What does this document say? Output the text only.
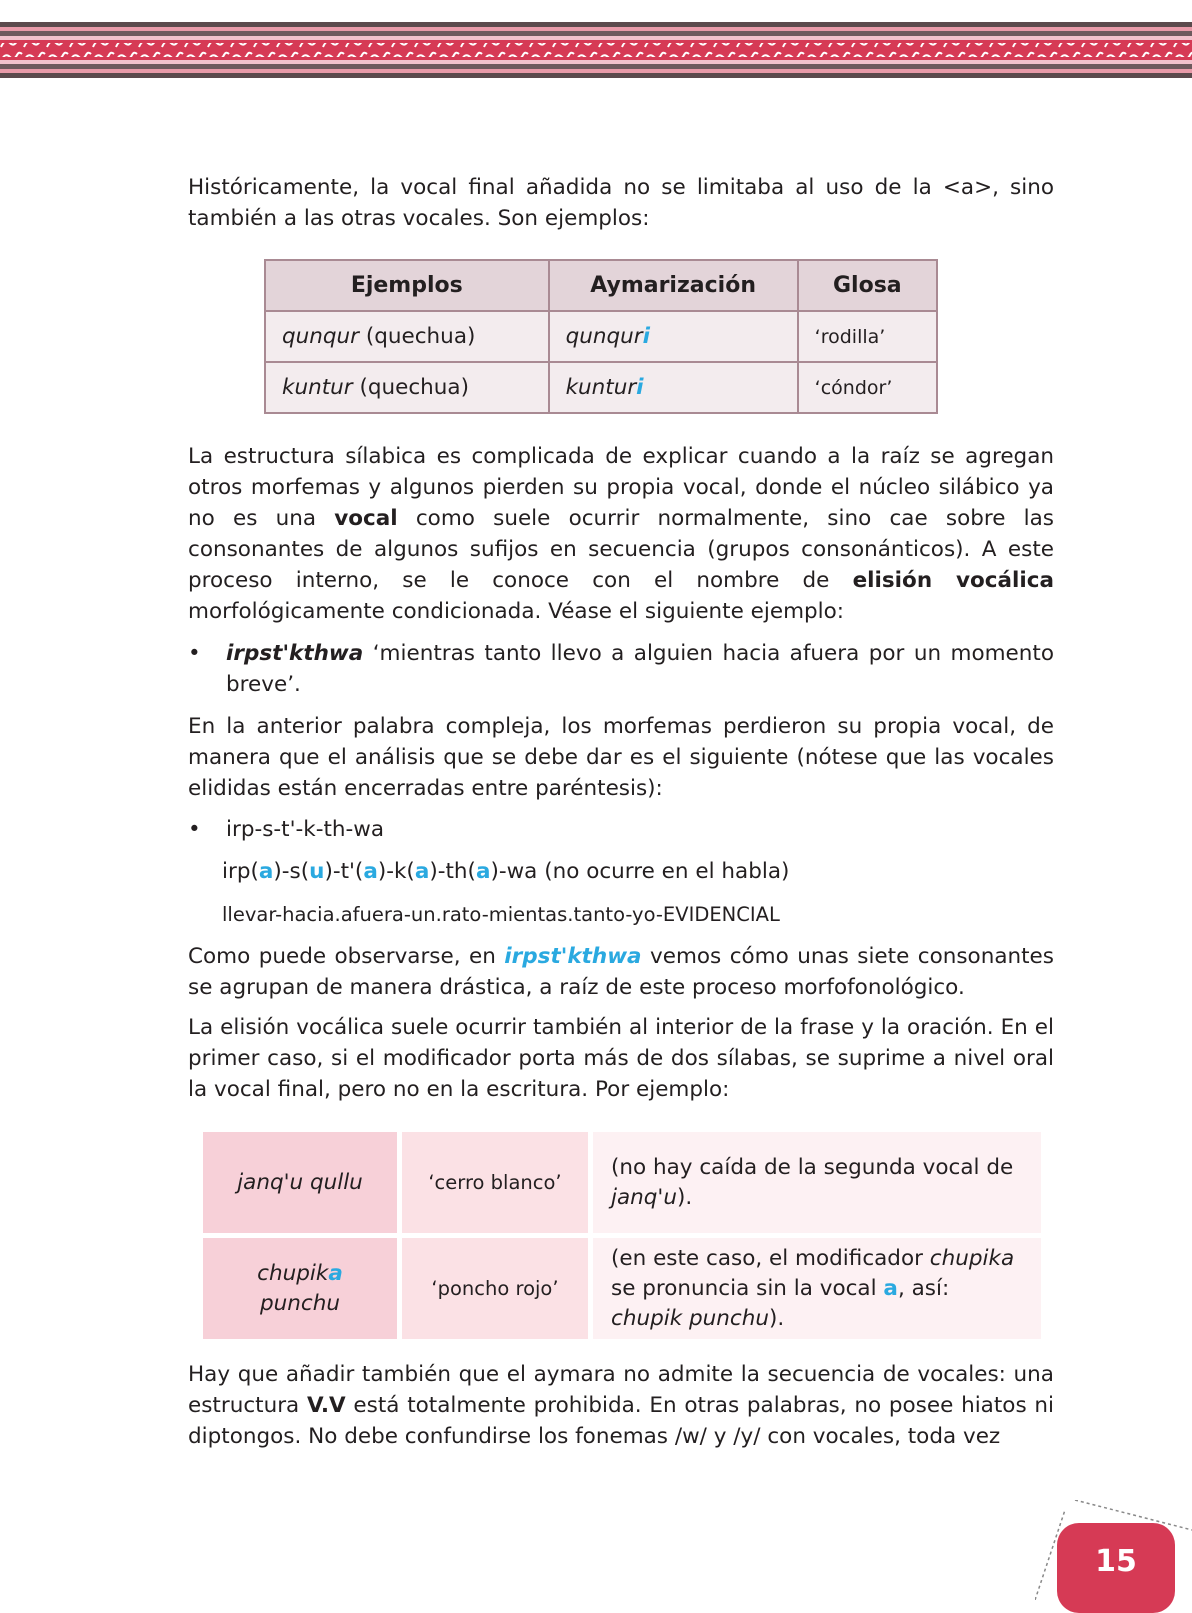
Históricamente, la vocal final añadida no se limitaba al uso de la <a>, sino también a las otras vocales. Son ejemplos:

Ejemplos	Aymarización	Glosa
qunqur (quechua)	qunquri	‘rodilla’
kuntur (quechua)	kunturi	‘cóndor’

La estructura sílabica es complicada de explicar cuando a la raíz se agregan otros morfemas y algunos pierden su propia vocal, donde el núcleo silábico ya no es una vocal como suele ocurrir normalmente, sino cae sobre las consonantes de algunos sufijos en secuencia (grupos consonánticos). A este proceso interno, se le conoce con el nombre de elisión vocálica morfológicamente condicionada. Véase el siguiente ejemplo:

• irpst'kthwa ‘mientras tanto llevo a alguien hacia afuera por un momento breve’.

En la anterior palabra compleja, los morfemas perdieron su propia vocal, de manera que el análisis que se debe dar es el siguiente (nótese que las vocales elididas están encerradas entre paréntesis):

• irp-s-t'-k-th-wa
irp(a)-s(u)-t'(a)-k(a)-th(a)-wa (no ocurre en el habla)
llevar-hacia.afuera-un.rato-mientas.tanto-yo-EVIDENCIAL

Como puede observarse, en irpst'kthwa vemos cómo unas siete consonantes se agrupan de manera drástica, a raíz de este proceso morfofonológico.

La elisión vocálica suele ocurrir también al interior de la frase y la oración. En el primer caso, si el modificador porta más de dos sílabas, se suprime a nivel oral la vocal final, pero no en la escritura. Por ejemplo:

janq'u qullu	‘cerro blanco’	(no hay caída de la segunda vocal de janq'u).
chupika punchu	‘poncho rojo’	(en este caso, el modificador chupika se pronuncia sin la vocal a, así: chupik punchu).

Hay que añadir también que el aymara no admite la secuencia de vocales: una estructura V.V está totalmente prohibida. En otras palabras, no posee hiatos ni diptongos. No debe confundirse los fonemas /w/ y /y/ con vocales, toda vez

15
